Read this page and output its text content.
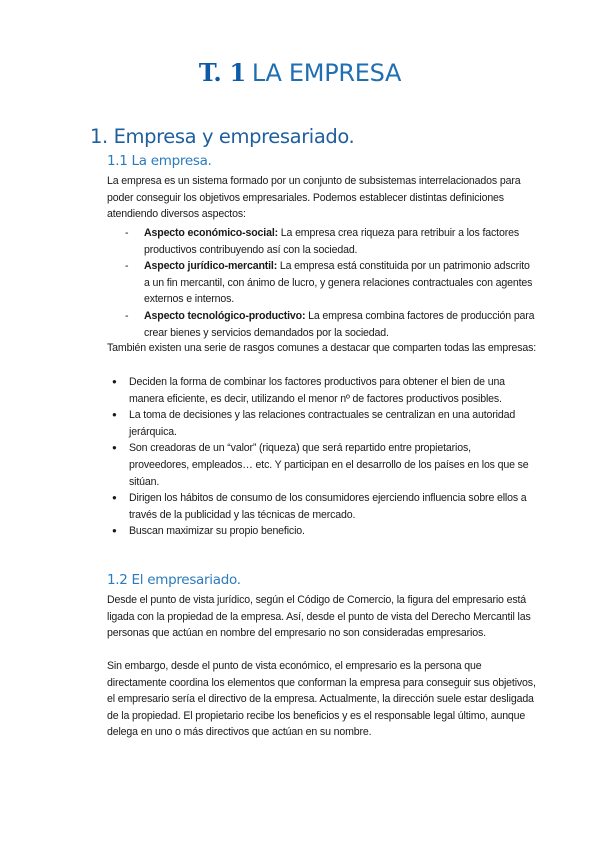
T. 1 LA EMPRESA
1. Empresa y empresariado.
1.1 La empresa.

La empresa es un sistema formado por un conjunto de subsistemas interrelacionados para poder conseguir los objetivos empresariales. Podemos establecer distintas definiciones atendiendo diversos aspectos:

- Aspecto económico-social: La empresa crea riqueza para retribuir a los factores productivos contribuyendo así con la sociedad.
- Aspecto jurídico-mercantil: La empresa está constituida por un patrimonio adscrito a un fin mercantil, con ánimo de lucro, y genera relaciones contractuales con agentes externos e internos.
- Aspecto tecnológico-productivo: La empresa combina factores de producción para crear bienes y servicios demandados por la sociedad.

También existen una serie de rasgos comunes a destacar que comparten todas las empresas:

● Deciden la forma de combinar los factores productivos para obtener el bien de una manera eficiente, es decir, utilizando el menor nº de factores productivos posibles.
● La toma de decisiones y las relaciones contractuales se centralizan en una autoridad jerárquica.
● Son creadoras de un “valor” (riqueza) que será repartido entre propietarios, proveedores, empleados… etc. Y participan en el desarrollo de los países en los que se sitúan.
● Dirigen los hábitos de consumo de los consumidores ejerciendo influencia sobre ellos a través de la publicidad y las técnicas de mercado.
● Buscan maximizar su propio beneficio.
1.2 El empresariado.

Desde el punto de vista jurídico, según el Código de Comercio, la figura del empresario está ligada con la propiedad de la empresa. Así, desde el punto de vista del Derecho Mercantil las personas que actúan en nombre del empresario no son consideradas empresarios.

Sin embargo, desde el punto de vista económico, el empresario es la persona que directamente coordina los elementos que conforman la empresa para conseguir sus objetivos, el empresario sería el directivo de la empresa. Actualmente, la dirección suele estar desligada de la propiedad. El propietario recibe los beneficios y es el responsable legal último, aunque delega en uno o más directivos que actúan en su nombre.
